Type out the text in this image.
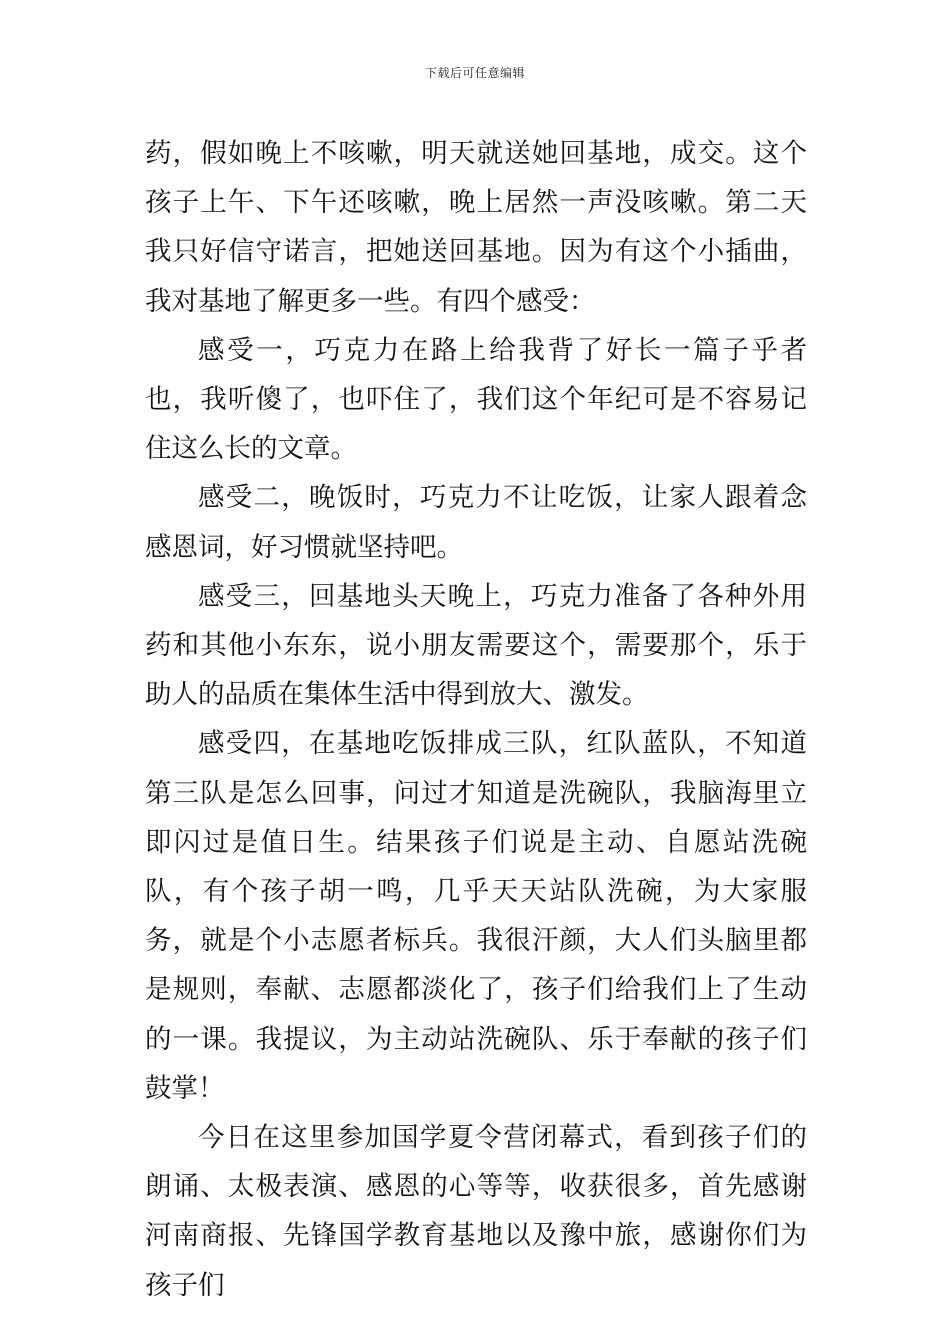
下载后可任意编辑

药，假如晚上不咳嗽，明天就送她回基地，成交。这个孩子上午、下午还咳嗽，晚上居然一声没咳嗽。第二天我只好信守诺言，把她送回基地。因为有这个小插曲，我对基地了解更多一些。有四个感受：

感受一，巧克力在路上给我背了好长一篇子乎者也，我听傻了，也吓住了，我们这个年纪可是不容易记住这么长的文章。

感受二，晚饭时，巧克力不让吃饭，让家人跟着念感恩词，好习惯就坚持吧。

感受三，回基地头天晚上，巧克力准备了各种外用药和其他小东东，说小朋友需要这个，需要那个，乐于助人的品质在集体生活中得到放大、激发。

感受四，在基地吃饭排成三队，红队蓝队，不知道第三队是怎么回事，问过才知道是洗碗队，我脑海里立即闪过是值日生。结果孩子们说是主动、自愿站洗碗队，有个孩子胡一鸣，几乎天天站队洗碗，为大家服务，就是个小志愿者标兵。我很汗颜，大人们头脑里都是规则，奉献、志愿都淡化了，孩子们给我们上了生动的一课。我提议，为主动站洗碗队、乐于奉献的孩子们鼓掌！

今日在这里参加国学夏令营闭幕式，看到孩子们的朗诵、太极表演、感恩的心等等，收获很多，首先感谢河南商报、先锋国学教育基地以及豫中旅，感谢你们为孩子们
